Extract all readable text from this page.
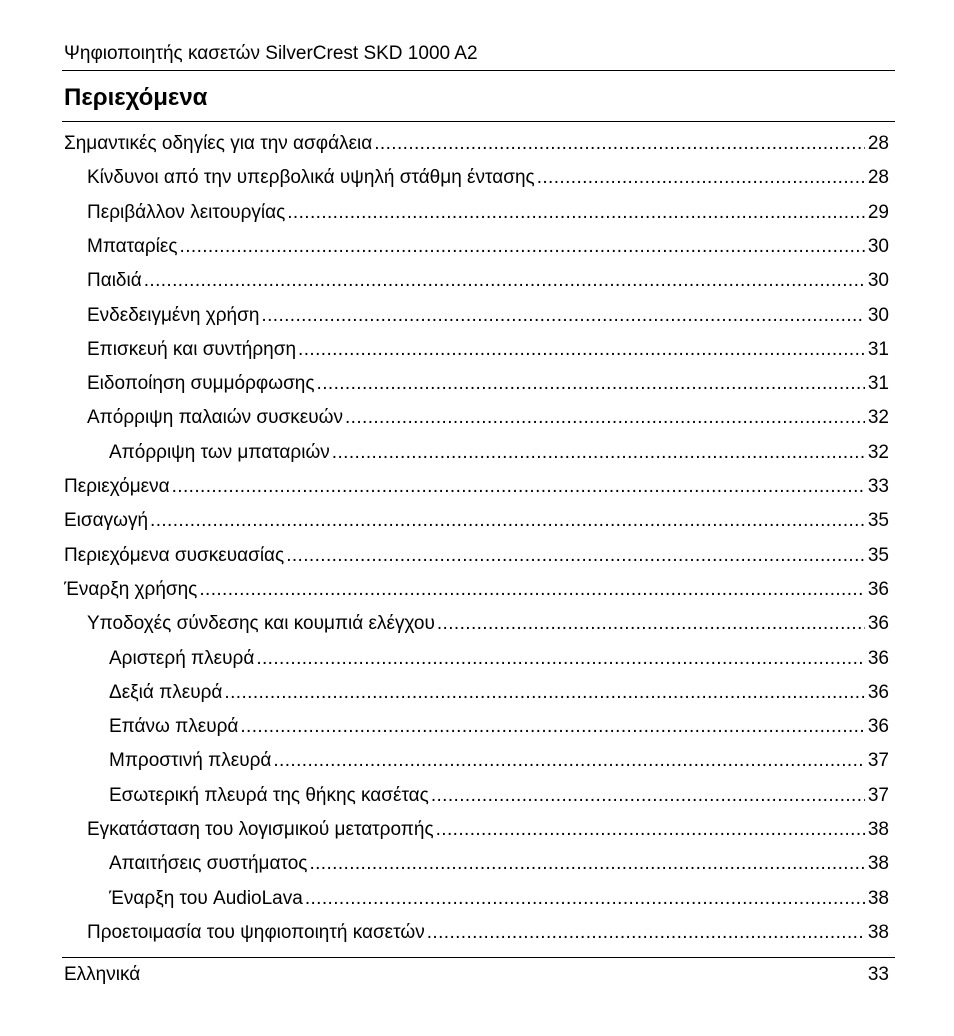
Ψηφιοποιητής κασετών SilverCrest SKD 1000 A2
Περιεχόμενα
Σημαντικές οδηγίες για την ασφάλεια .....	28
Κίνδυνοι από την υπερβολικά υψηλή στάθμη έντασης .....	28
Περιβάλλον λειτουργίας .....	29
Μπαταρίες .....	30
Παιδιά .....	30
Ενδεδειγμένη χρήση .....	30
Επισκευή και συντήρηση .....	31
Ειδοποίηση συμμόρφωσης .....	31
Απόρριψη παλαιών συσκευών .....	32
Απόρριψη των μπαταριών .....	32
Περιεχόμενα .....	33
Εισαγωγή .....	35
Περιεχόμενα συσκευασίας .....	35
Έναρξη χρήσης .....	36
Υποδοχές σύνδεσης και κουμπιά ελέγχου .....	36
Αριστερή πλευρά .....	36
Δεξιά πλευρά .....	36
Επάνω πλευρά .....	36
Μπροστινή πλευρά .....	37
Εσωτερική πλευρά της θήκης κασέτας .....	37
Εγκατάσταση του λογισμικού μετατροπής .....	38
Απαιτήσεις συστήματος .....	38
Έναρξη του AudioLava .....	38
Προετοιμασία του ψηφιοποιητή κασετών .....	38
Ελληνικά	33
